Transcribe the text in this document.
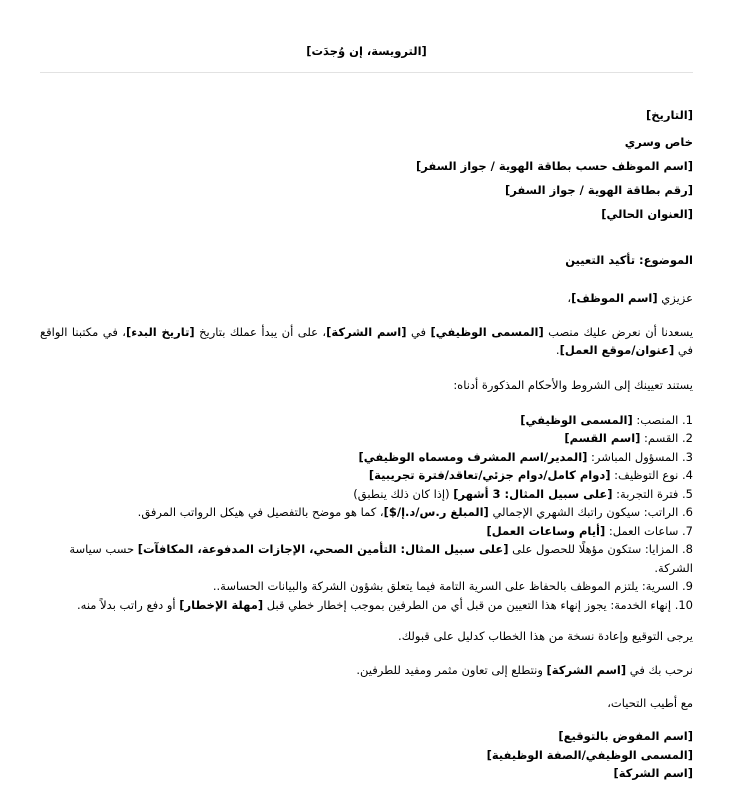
[الترويسة، إن وُجدَت]
[التاريخ]
خاص وسري
[اسم الموظف حسب بطاقة الهوية / جواز السفر]
[رقم بطاقة الهوية / جواز السفر]
[العنوان الحالي]
الموضوع: تأكيد التعيين
عزيزي [اسم الموظف]،
يسعدنا أن نعرض عليك منصب [المسمى الوظيفي] في [اسم الشركة]، على أن يبدأ عملك بتاريخ [تاريخ البدء]، في مكتبنا الواقع في [عنوان/موقع العمل].
يستند تعيينك إلى الشروط والأحكام المذكورة أدناه:
1. المنصب: [المسمى الوظيفي]
2. القسم: [اسم القسم]
3. المسؤول المباشر: [المدير/اسم المشرف ومسماه الوظيفي]
4. نوع التوظيف: [دوام كامل/دوام جزئي/تعاقد/فترة تجريبية]
5. فترة التجربة: [على سبيل المثال: 3 أشهر] (إذا كان ذلك ينطبق)
6. الراتب: سيكون راتبك الشهري الإجمالي [المبلغ ر.س/د.إ/$]، كما هو موضح بالتفصيل في هيكل الرواتب المرفق.
7. ساعات العمل: [أيام وساعات العمل]
8. المزايا: ستكون مؤهلًا للحصول على [على سبيل المثال: التأمين الصحي، الإجازات المدفوعة، المكافآت] حسب سياسة الشركة.
9. السرية: يلتزم الموظف بالحفاظ على السرية التامة فيما يتعلق بشؤون الشركة والبيانات الحساسة..
10. إنهاء الخدمة: يجوز إنهاء هذا التعيين من قبل أي من الطرفين بموجب إخطار خطي قبل [مهلة الإخطار] أو دفع راتب بدلاً منه.
يرجى التوقيع وإعادة نسخة من هذا الخطاب كدليل على قبولك.
نرحب بك في [اسم الشركة] ونتطلع إلى تعاون مثمر ومفيد للطرفين.
مع أطيب التحيات،
[اسم المفوض بالتوقيع]
[المسمى الوظيفي/الصفة الوظيفية]
[اسم الشركة]
